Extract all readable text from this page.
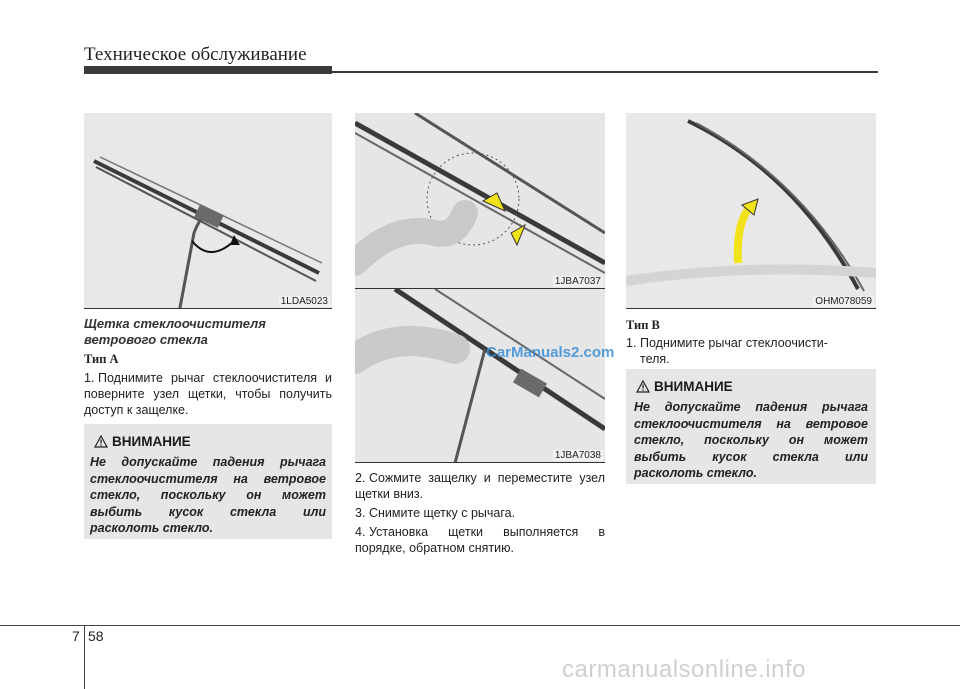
Техническое обслуживание
1LDA5023
1JBA7037
1JBA7038
OHM078059
Щетка стеклоочистителя ветрового стекла
Тип А
1. Поднимите рычаг стеклоочистителя и поверните узел щетки, чтобы получить доступ к защелке.
ВНИМАНИЕ
Не допускайте падения рычага стеклоочистителя на ветровое стекло, поскольку он может выбить кусок стекла или расколоть стекло.
2. Сожмите защелку и переместите узел щетки вниз.
3. Снимите щетку с рычага.
4. Установка щетки выполняется в порядке, обратном снятию.
Тип В
1. Поднимите рычаг стеклоочисти-
теля.
ВНИМАНИЕ
Не допускайте падения рычага стеклоочистителя на ветровое стекло, поскольку он может выбить кусок стекла или расколоть стекло.
CarManuals2.com
carmanualsonline.info
7 58
